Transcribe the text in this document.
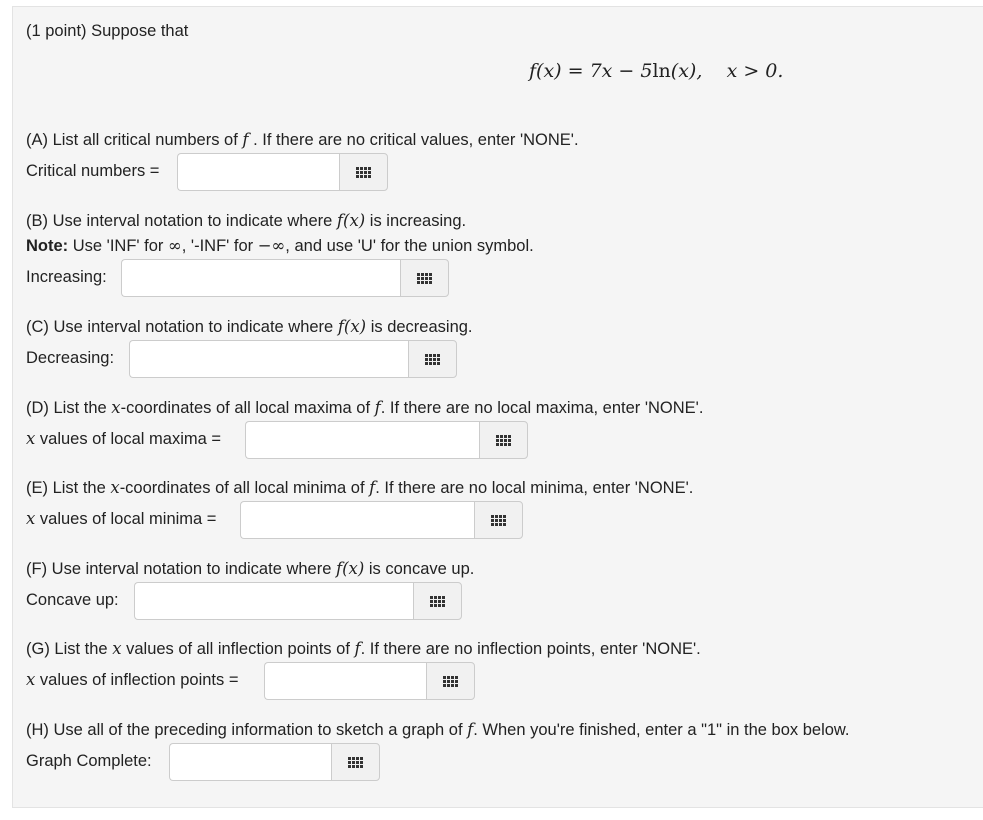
(1 point) Suppose that
f(x) = 7x − 5ln(x), x > 0.
(A) List all critical numbers of f . If there are no critical values, enter 'NONE'.
Critical numbers =
(B) Use interval notation to indicate where f(x) is increasing.
Note: Use 'INF' for ∞, '-INF' for −∞, and use 'U' for the union symbol.
Increasing:
(C) Use interval notation to indicate where f(x) is decreasing.
Decreasing:
(D) List the x-coordinates of all local maxima of f. If there are no local maxima, enter 'NONE'.
x values of local maxima =
(E) List the x-coordinates of all local minima of f. If there are no local minima, enter 'NONE'.
x values of local minima =
(F) Use interval notation to indicate where f(x) is concave up.
Concave up:
(G) List the x values of all inflection points of f. If there are no inflection points, enter 'NONE'.
x values of inflection points =
(H) Use all of the preceding information to sketch a graph of f. When you're finished, enter a "1" in the box below.
Graph Complete:
